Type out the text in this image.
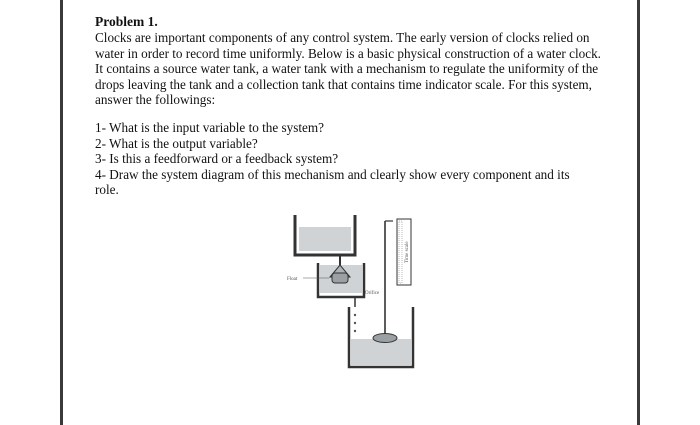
Problem 1.
Clocks are important components of any control system. The early version of clocks relied on
water in order to record time uniformly. Below is a basic physical construction of a water clock.
It contains a source water tank, a water tank with a mechanism to regulate the uniformity of the
drops leaving the tank and a collection tank that contains time indicator scale. For this system,
answer the followings:
1- What is the input variable to the system?
2- What is the output variable?
3- Is this a feedforward or a feedback system?
4- Draw the system diagram of this mechanism and clearly show every component and its
role.
Float
Orifice
Time scale
